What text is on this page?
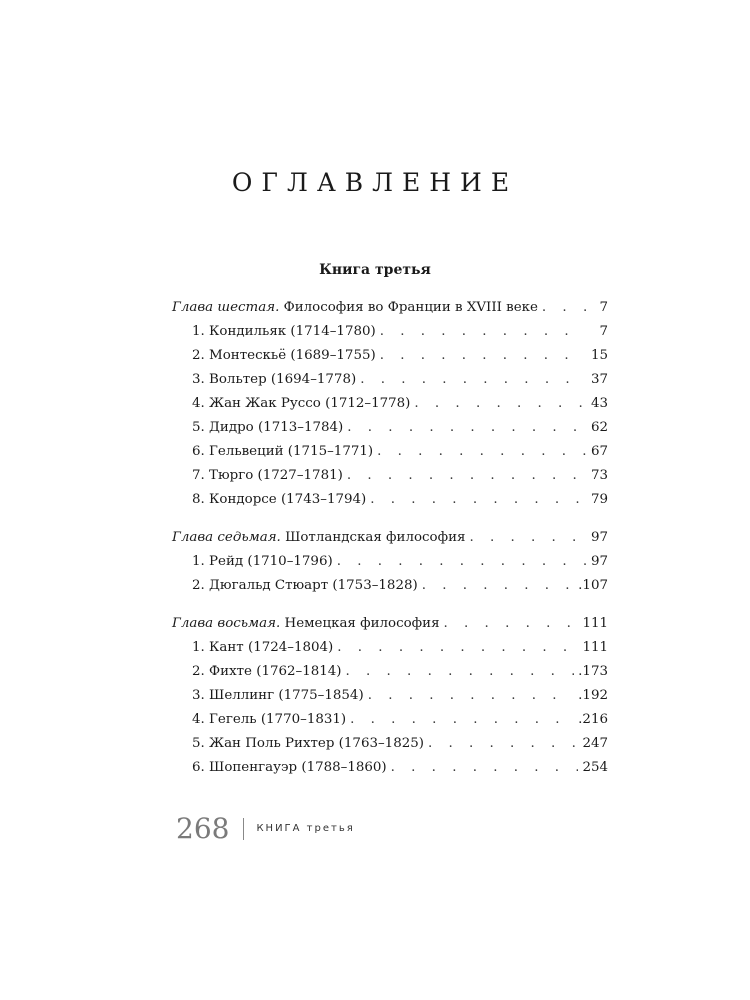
ОГЛАВЛЕНИЕ
Книга третья
Глава шестая. Философия во Франции в XVIII веке . . .	7
1. Кондильяк (1714–1780) . . .	7
2. Монтескьё (1689–1755) . . .	15
3. Вольтер (1694–1778) . . .	37
4. Жан Жак Руссо (1712–1778) . . .	43
5. Дидро (1713–1784) . . .	62
6. Гельвеций (1715–1771) . . .	67
7. Тюрго (1727–1781) . . .	73
8. Кондорсе (1743–1794) . . .	79
Глава седьмая. Шотландская философия . . .	97
1. Рейд (1710–1796) . . .	97
2. Дюгальд Стюарт (1753–1828) . . .	.107
Глава восьмая. Немецкая философия . . .	111
1. Кант (1724–1804) . . .	111
2. Фихте (1762–1814) . . .	.173
3. Шеллинг (1775–1854) . . .	.192
4. Гегель (1770–1831) . . .	.216
5. Жан Поль Рихтер (1763–1825) . . .	247
6. Шопенгауэр (1788–1860) . . .	254
268	КНИГА третья
